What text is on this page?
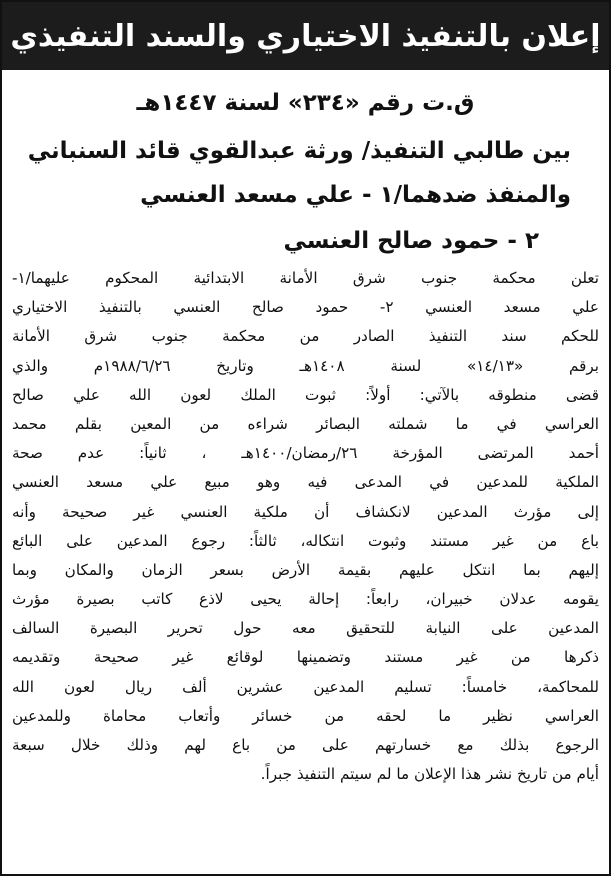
إعلان بالتنفيذ الاختياري والسند التنفيذي
ق.ت رقم «٢٣٤» لسنة ١٤٤٧هـ
بين طالبي التنفيذ/ ورثة عبدالقوي قائد السنباني
والمنفذ ضدهما/١ - علي مسعد العنسي
٢ - حمود صالح العنسي
تعلن محكمة جنوب شرق الأمانة الابتدائية المحكوم عليهما/١-
علي مسعد العنسي ٢- حمود صالح العنسي بالتنفيذ الاختياري
للحكم سند التنفيذ الصادر من محكمة جنوب شرق الأمانة
برقم «١٤/١٣» لسنة ١٤٠٨هـ وتاريخ ١٩٨٨/٦/٢٦م والذي
قضى منطوقه بالآتي: أولاً: ثبوت الملك لعون الله علي صالح
العراسي في ما شملته البصائر شراءه من المعين بقلم محمد
أحمد المرتضى المؤرخة ٢٦/رمضان/١٤٠٠هـ ، ثانياً: عدم صحة
الملكية للمدعين في المدعى فيه وهو مبيع علي مسعد العنسي
إلى مؤرث المدعين لانكشاف أن ملكية العنسي غير صحيحة وأنه
باع من غير مستند وثبوت انتكاله، ثالثاً: رجوع المدعين على البائع
إليهم بما انتكل عليهم بقيمة الأرض بسعر الزمان والمكان وبما
يقومه عدلان خبيران، رابعاً: إحالة يحيى لاذع كاتب بصيرة مؤرث
المدعين على النيابة للتحقيق معه حول تحرير البصيرة السالف
ذكرها من غير مستند وتضمينها لوقائع غير صحيحة وتقديمه
للمحاكمة، خامساً: تسليم المدعين عشرين ألف ريال لعون الله
العراسي نظير ما لحقه من خسائر وأتعاب محاماة وللمدعين
الرجوع بذلك مع خسارتهم على من باع لهم وذلك خلال سبعة
أيام من تاريخ نشر هذا الإعلان ما لم سيتم التنفيذ جبراً.
